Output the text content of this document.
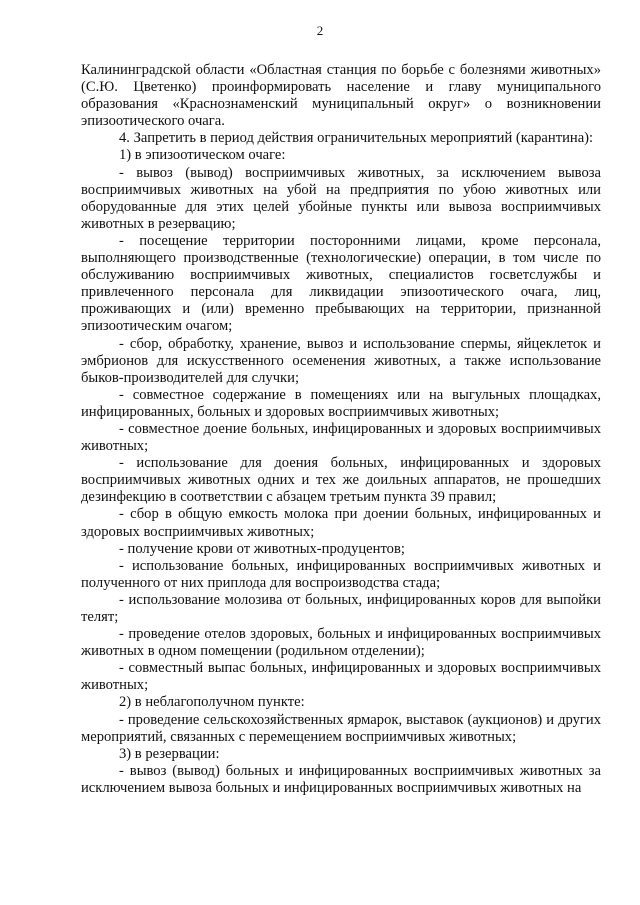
2

Калининградской области «Областная станция по борьбе с болезнями животных» (С.Ю. Цветенко) проинформировать население и главу муниципального образования «Краснознаменский муниципальный округ» о возникновении эпизоотического очага.

4. Запретить в период действия ограничительных мероприятий (карантина):

1) в эпизоотическом очаге:

- вывоз (вывод) восприимчивых животных, за исключением вывоза восприимчивых животных на убой на предприятия по убою животных или оборудованные для этих целей убойные пункты или вывоза восприимчивых животных в резервацию;

- посещение территории посторонними лицами, кроме персонала, выполняющего производственные (технологические) операции, в том числе по обслуживанию восприимчивых животных, специалистов госветслужбы и привлеченного персонала для ликвидации эпизоотического очага, лиц, проживающих и (или) временно пребывающих на территории, признанной эпизоотическим очагом;

- сбор, обработку, хранение, вывоз и использование спермы, яйцеклеток и эмбрионов для искусственного осеменения животных, а также использование быков-производителей для случки;

- совместное содержание в помещениях или на выгульных площадках, инфицированных, больных и здоровых восприимчивых животных;

- совместное доение больных, инфицированных и здоровых восприимчивых животных;

- использование для доения больных, инфицированных и здоровых восприимчивых животных одних и тех же доильных аппаратов, не прошедших дезинфекцию в соответствии с абзацем третьим пункта 39 правил;

- сбор в общую емкость молока при доении больных, инфицированных и здоровых восприимчивых животных;

- получение крови от животных-продуцентов;

- использование больных, инфицированных восприимчивых животных и полученного от них приплода для воспроизводства стада;

- использование молозива от больных, инфицированных коров для выпойки телят;

- проведение отелов здоровых, больных и инфицированных восприимчивых животных в одном помещении (родильном отделении);

- совместный выпас больных, инфицированных и здоровых восприимчивых животных;

2) в неблагополучном пункте:

- проведение сельскохозяйственных ярмарок, выставок (аукционов) и других мероприятий, связанных с перемещением восприимчивых животных;

3) в резервации:

- вывоз (вывод) больных и инфицированных восприимчивых животных за исключением вывоза больных и инфицированных восприимчивых животных на
